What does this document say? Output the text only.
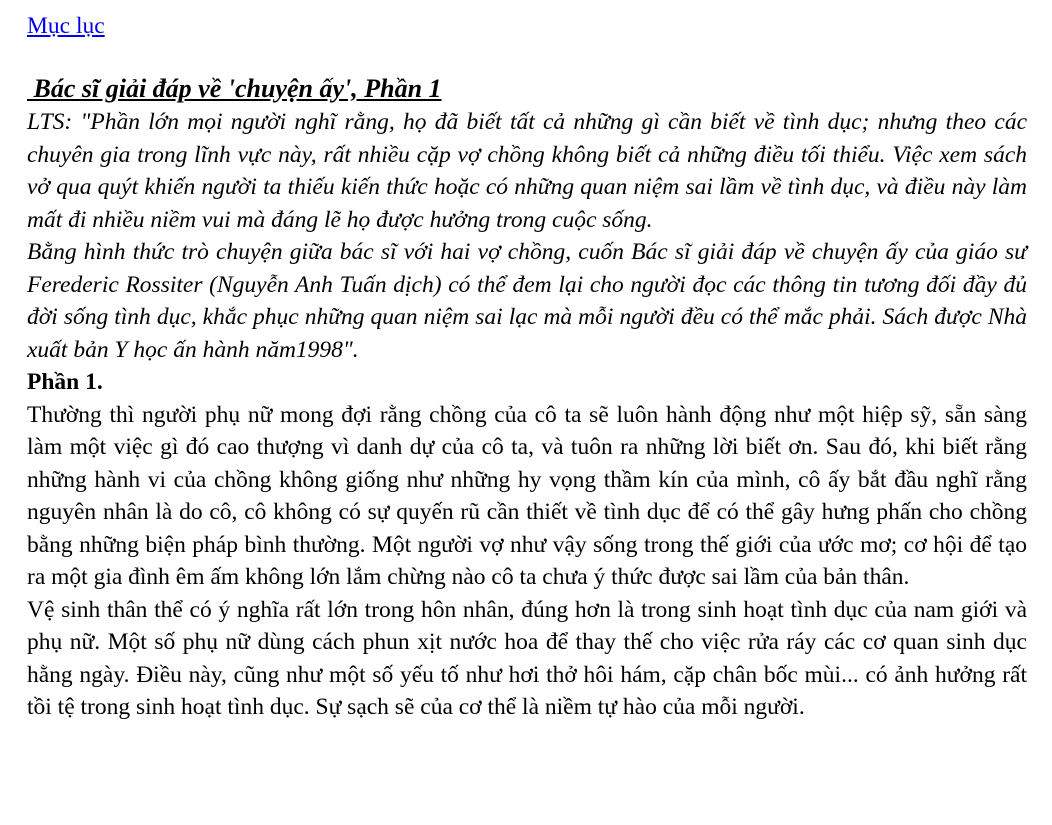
Mục lục
Bác sĩ giải đáp về 'chuyện ấy', Phần 1

LTS: "Phần lớn mọi người nghĩ rằng, họ đã biết tất cả những gì cần biết về tình dục; nhưng theo các chuyên gia trong lĩnh vực này, rất nhiều cặp vợ chồng không biết cả những điều tối thiểu. Việc xem sách vở qua quýt khiến người ta thiếu kiến thức hoặc có những quan niệm sai lầm về tình dục, và điều này làm mất đi nhiều niềm vui mà đáng lẽ họ được hưởng trong cuộc sống.

Bằng hình thức trò chuyện giữa bác sĩ với hai vợ chồng, cuốn Bác sĩ giải đáp về chuyện ấy của giáo sư Ferederic Rossiter (Nguyễn Anh Tuấn dịch) có thể đem lại cho người đọc các thông tin tương đối đầy đủ đời sống tình dục, khắc phục những quan niệm sai lạc mà mỗi người đều có thể mắc phải. Sách được Nhà xuất bản Y học ấn hành năm1998".

Phần 1.

Thường thì người phụ nữ mong đợi rằng chồng của cô ta sẽ luôn hành động như một hiệp sỹ, sẵn sàng làm một việc gì đó cao thượng vì danh dự của cô ta, và tuôn ra những lời biết ơn. Sau đó, khi biết rằng những hành vi của chồng không giống như những hy vọng thầm kín của mình, cô ấy bắt đầu nghĩ rằng nguyên nhân là do cô, cô không có sự quyến rũ cần thiết về tình dục để có thể gây hưng phấn cho chồng bằng những biện pháp bình thường. Một người vợ như vậy sống trong thế giới của ước mơ; cơ hội để tạo ra một gia đình êm ấm không lớn lắm chừng nào cô ta chưa ý thức được sai lầm của bản thân.

Vệ sinh thân thể có ý nghĩa rất lớn trong hôn nhân, đúng hơn là trong sinh hoạt tình dục của nam giới và phụ nữ. Một số phụ nữ dùng cách phun xịt nước hoa để thay thế cho việc rửa ráy các cơ quan sinh dục hằng ngày. Điều này, cũng như một số yếu tố như hơi thở hôi hám, cặp chân bốc mùi... có ảnh hưởng rất tồi tệ trong sinh hoạt tình dục. Sự sạch sẽ của cơ thể là niềm tự hào của mỗi người.
